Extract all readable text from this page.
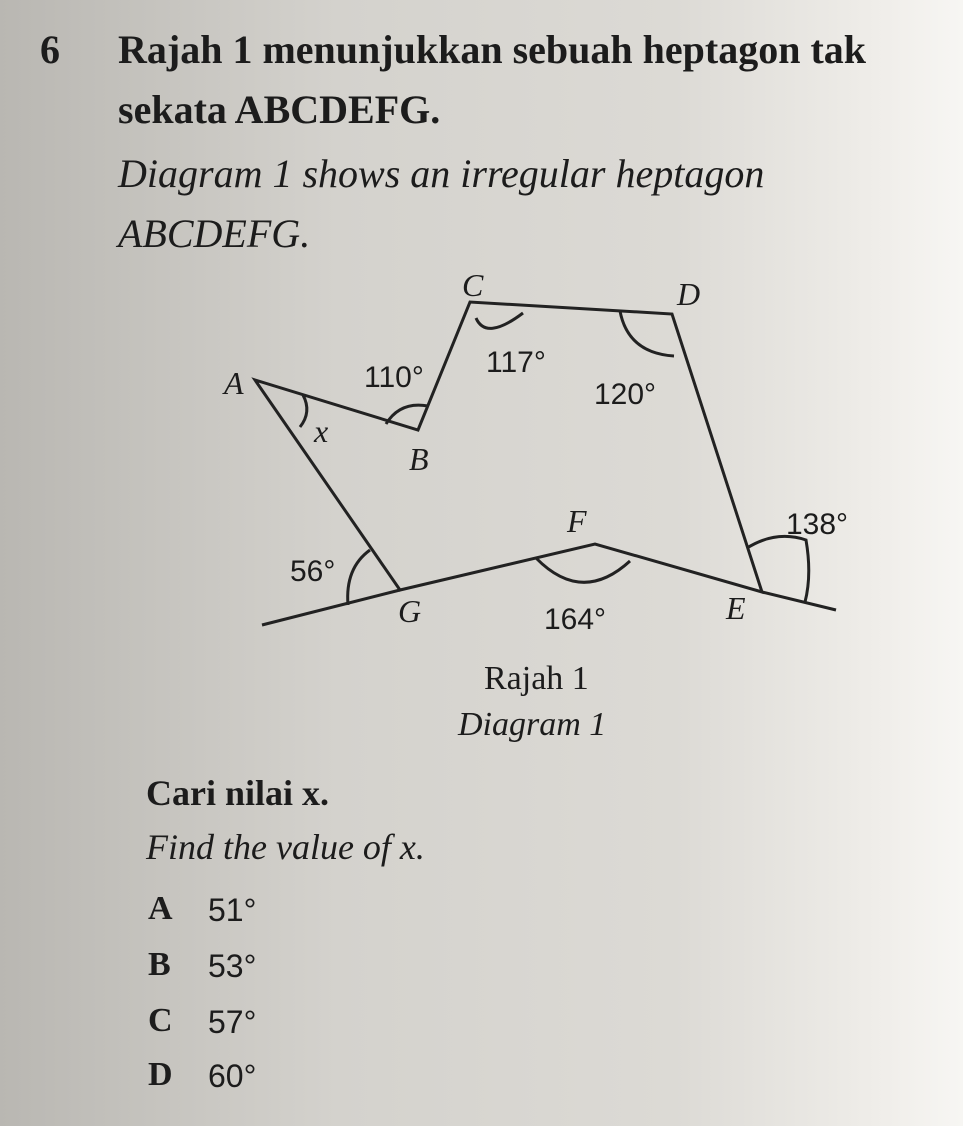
6 Rajah 1 menunjukkan sebuah heptagon tak
sekata ABCDEFG.
Diagram 1 shows an irregular heptagon
ABCDEFG.
A
B
C	D
E
F
G
x
110° 117°
120°
138°
164°
56°
Rajah 1
Diagram 1
Cari nilai x.
Find the value of x.
A 51°
B 53°
C 57°
D 60°
